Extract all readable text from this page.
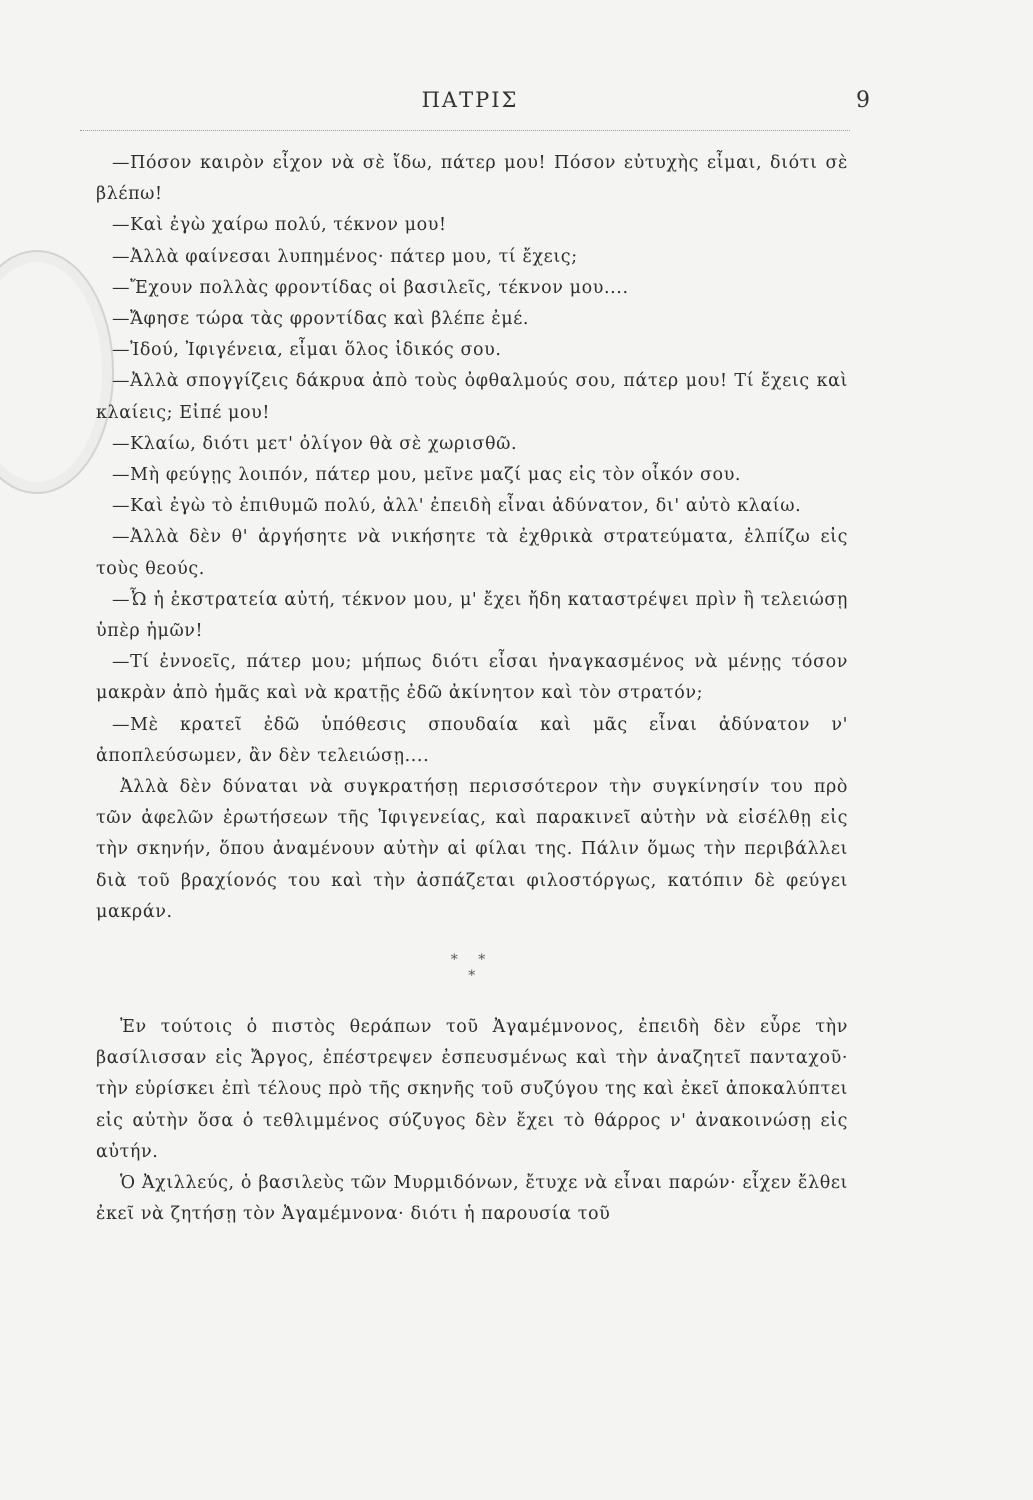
ΠΑΤΡΙΣ	9

—Πόσον καιρὸν εἶχον νὰ σὲ ἴδω, πάτερ μου! Πόσον εὐτυχὴς εἶμαι, διότι σὲ βλέπω!

—Καὶ ἐγὼ χαίρω πολύ, τέκνον μου!

—Ἀλλὰ φαίνεσαι λυπημένος· πάτερ μου, τί ἔχεις;

—Ἔχουν πολλὰς φροντίδας οἱ βασιλεῖς, τέκνον μου....

—Ἄφησε τώρα τὰς φροντίδας καὶ βλέπε ἐμέ.

—Ἰδού, Ἰφιγένεια, εἶμαι ὅλος ἰδικός σου.

—Ἀλλὰ σπογγίζεις δάκρυα ἀπὸ τοὺς ὀφθαλμούς σου, πάτερ μου! Τί ἔχεις καὶ κλαίεις; Εἰπέ μου!

—Κλαίω, διότι μετ' ὀλίγον θὰ σὲ χωρισθῶ.

—Μὴ φεύγῃς λοιπόν, πάτερ μου, μεῖνε μαζί μας εἰς τὸν οἶκόν σου.

—Καὶ ἐγὼ τὸ ἐπιθυμῶ πολύ, ἀλλ' ἐπειδὴ εἶναι ἀδύνατον, δι' αὐτὸ κλαίω.

—Ἀλλὰ δὲν θ' ἀργήσητε νὰ νικήσητε τὰ ἐχθρικὰ στρατεύματα, ἐλπίζω εἰς τοὺς θεούς.

—Ὦ ἡ ἐκστρατεία αὐτή, τέκνον μου, μ' ἔχει ἤδη καταστρέψει πρὶν ἢ τελειώσῃ ὑπὲρ ἡμῶν!

—Τί ἐννοεῖς, πάτερ μου; μήπως διότι εἶσαι ἠναγκασμένος νὰ μένῃς τόσον μακρὰν ἀπὸ ἡμᾶς καὶ νὰ κρατῇς ἐδῶ ἀκίνητον καὶ τὸν στρατόν;

—Μὲ κρατεῖ ἐδῶ ὑπόθεσις σπουδαία καὶ μᾶς εἶναι ἀδύνατον ν' ἀποπλεύσωμεν, ἂν δὲν τελειώσῃ....

Ἀλλὰ δὲν δύναται νὰ συγκρατήσῃ περισσότερον τὴν συγκίνησίν του πρὸ τῶν ἀφελῶν ἐρωτήσεων τῆς Ἰφιγενείας, καὶ παρακινεῖ αὐτὴν νὰ εἰσέλθῃ εἰς τὴν σκηνήν, ὅπου ἀναμένουν αὐτὴν αἱ φίλαι της. Πάλιν ὅμως τὴν περιβάλλει διὰ τοῦ βραχίονός του καὶ τὴν ἀσπάζεται φιλοστόργως, κατόπιν δὲ φεύγει μακράν.

* *
*

Ἐν τούτοις ὁ πιστὸς θεράπων τοῦ Ἀγαμέμνονος, ἐπειδὴ δὲν εὗρε τὴν βασίλισσαν εἰς Ἄργος, ἐπέστρεψεν ἐσπευσμένως καὶ τὴν ἀναζητεῖ πανταχοῦ· τὴν εὑρίσκει ἐπὶ τέλους πρὸ τῆς σκηνῆς τοῦ συζύγου της καὶ ἐκεῖ ἀποκαλύπτει εἰς αὐτὴν ὅσα ὁ τεθλιμμένος σύζυγος δὲν ἔχει τὸ θάρρος ν' ἀνακοινώσῃ εἰς αὐτήν.

Ὁ Ἀχιλλεύς, ὁ βασιλεὺς τῶν Μυρμιδόνων, ἔτυχε νὰ εἶναι παρών· εἶχεν ἔλθει ἐκεῖ νὰ ζητήσῃ τὸν Ἀγαμέμνονα· διότι ἡ παρουσία τοῦ
